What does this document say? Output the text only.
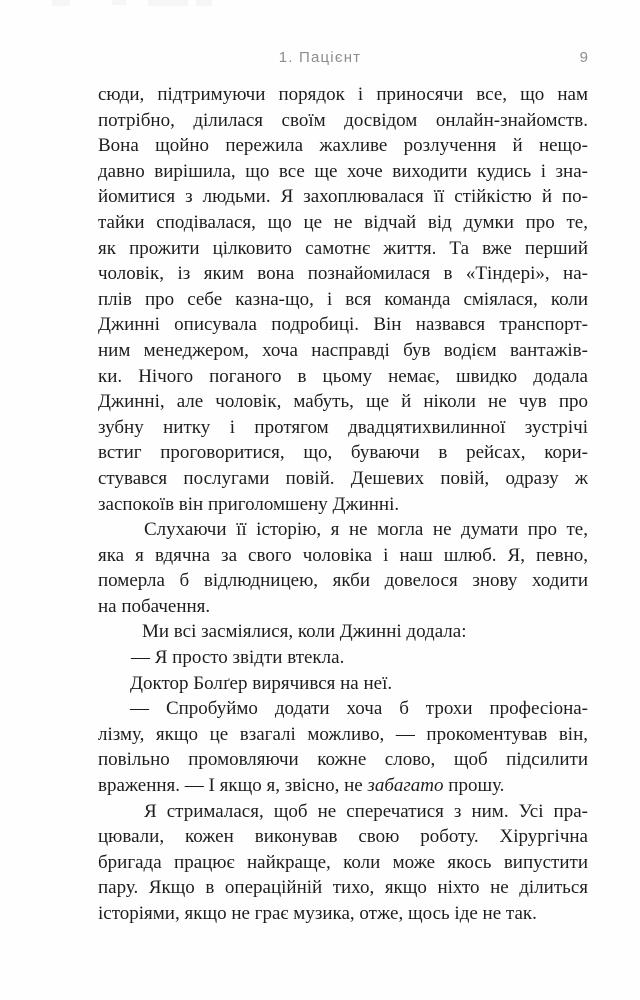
1. Пацієнт	9
сюди, підтримуючи порядок і приносячи все, що нам
потрібно, ділилася своїм досвідом онлайн-знайомств.
Вона щойно пережила жахливе розлучення й нещо-
давно вирішила, що все ще хоче виходити кудись і зна-
йомитися з людьми. Я захоплювалася її стійкістю й по-
тайки сподівалася, що це не відчай від думки про те,
як прожити цілковито самотнє життя. Та вже перший
чоловік, із яким вона познайомилася в «Тіндері», на-
плів про себе казна-що, і вся команда сміялася, коли
Джинні описувала подробиці. Він назвався транспорт-
ним менеджером, хоча насправді був водієм вантажів-
ки. Нічого поганого в цьому немає, швидко додала
Джинні, але чоловік, мабуть, ще й ніколи не чув про
зубну нитку і протягом двадцятихвилинної зустрічі
встиг проговоритися, що, буваючи в рейсах, кори-
стувався послугами повій. Дешевих повій, одразу ж
заспокоїв він приголомшену Джинні.
Слухаючи її історію, я не могла не думати про те,
яка я вдячна за свого чоловіка і наш шлюб. Я, певно,
померла б відлюдницею, якби довелося знову ходити
на побачення.
Ми всі засміялися, коли Джинні додала:
— Я просто звідти втекла.
Доктор Болґер вирячився на неї.
— Спробуймо додати хоча б трохи професіона-
лізму, якщо це взагалі можливо, — прокоментував він,
повільно промовляючи кожне слово, щоб підсилити
враження. — І якщо я, звісно, не забагато прошу.
Я стрималася, щоб не сперечатися з ним. Усі пра-
цювали, кожен виконував свою роботу. Хірургічна
бригада працює найкраще, коли може якось випустити
пару. Якщо в операційній тихо, якщо ніхто не ділиться
історіями, якщо не грає музика, отже, щось іде не так.
